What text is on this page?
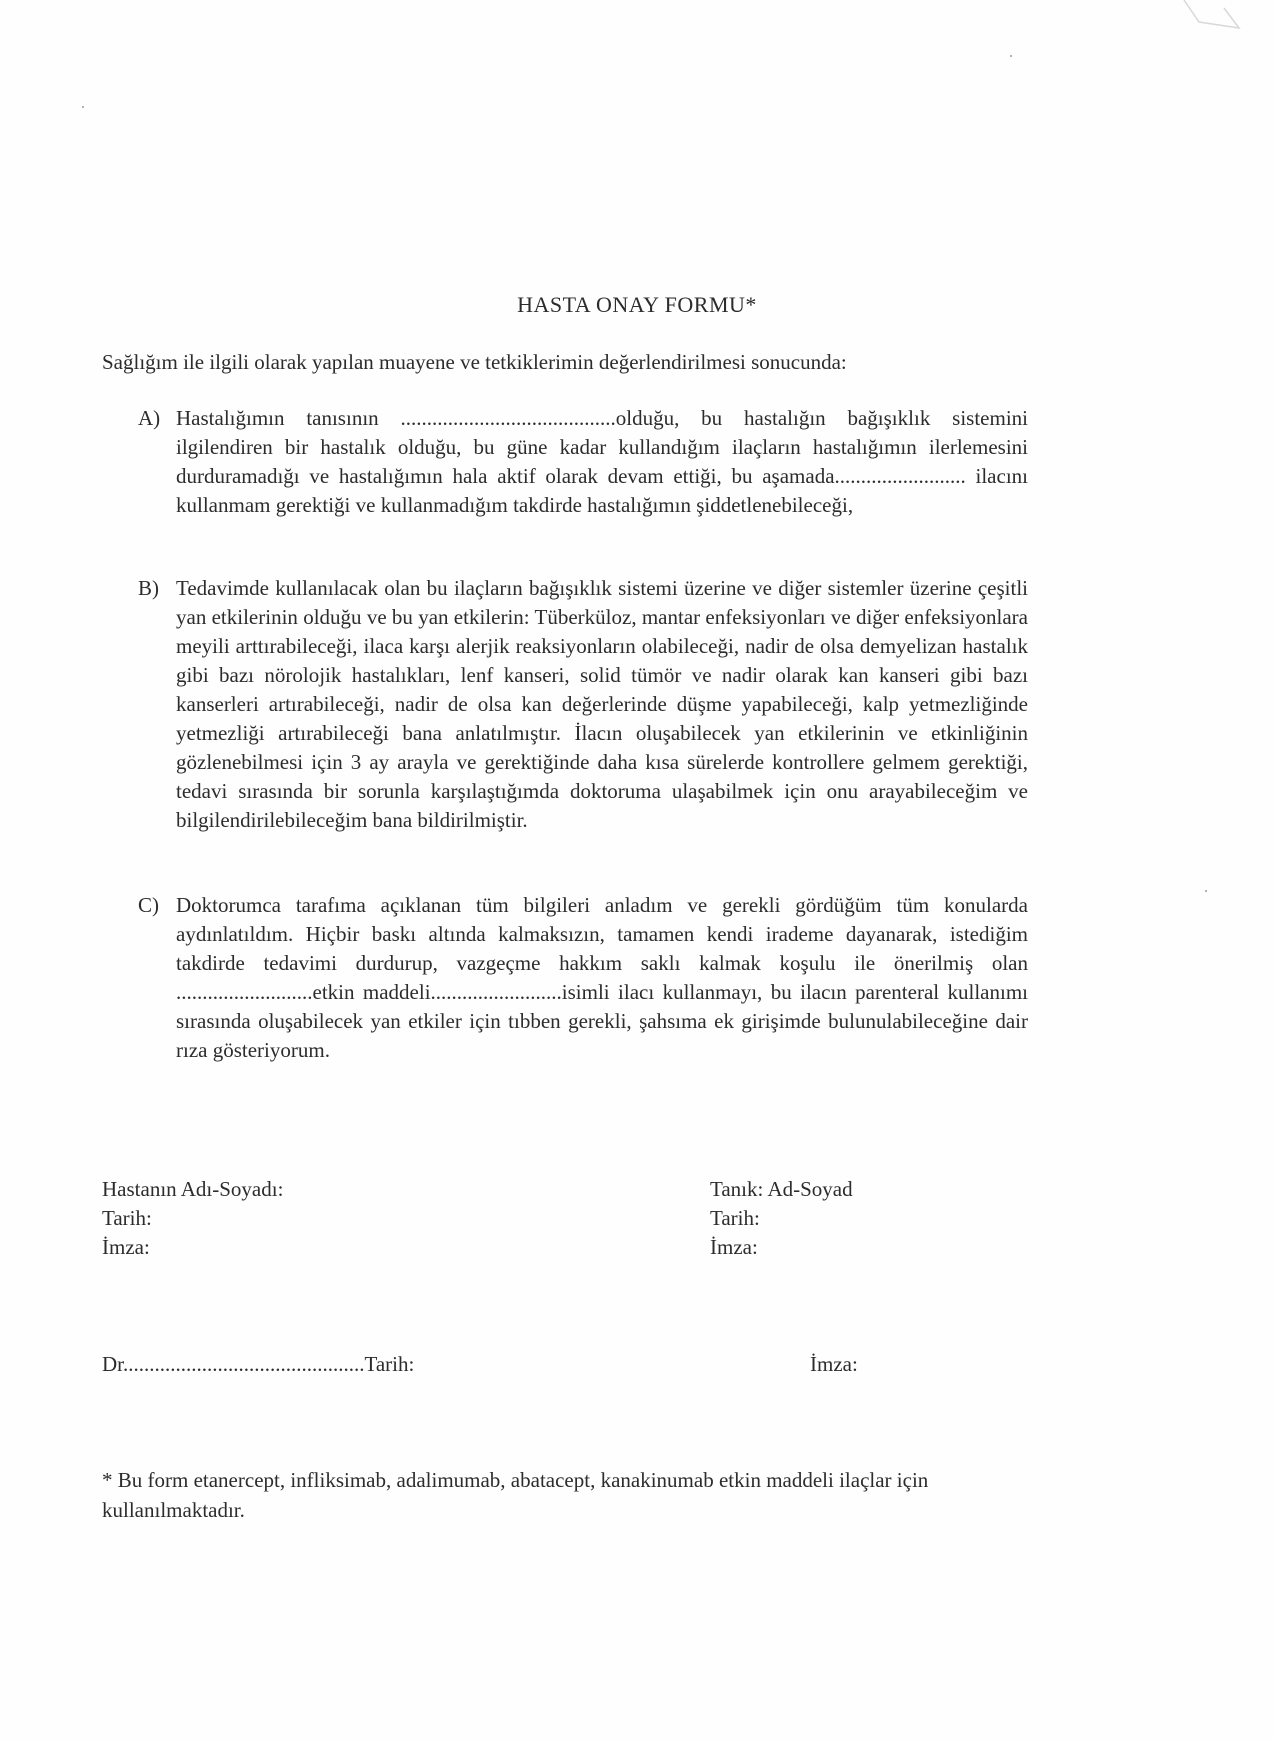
HASTA ONAY FORMU*
Sağlığım ile ilgili olarak yapılan muayene ve tetkiklerimin değerlendirilmesi sonucunda:
A) Hastalığımın tanısının .........................................olduğu, bu hastalığın bağışıklık sistemini ilgilendiren bir hastalık olduğu, bu güne kadar kullandığım ilaçların hastalığımın ilerlemesini durduramadığı ve hastalığımın hala aktif olarak devam ettiği, bu aşamada......................... ilacını kullanmam gerektiği ve kullanmadığım takdirde hastalığımın şiddetlenebileceği,
B) Tedavimde kullanılacak olan bu ilaçların bağışıklık sistemi üzerine ve diğer sistemler üzerine çeşitli yan etkilerinin olduğu ve bu yan etkilerin: Tüberküloz, mantar enfeksiyonları ve diğer enfeksiyonlara meyili arttırabileceği, ilaca karşı alerjik reaksiyonların olabileceği, nadir de olsa demyelizan hastalık gibi bazı nörolojik hastalıkları, lenf kanseri, solid tümör ve nadir olarak kan kanseri gibi bazı kanserleri artırabileceği, nadir de olsa kan değerlerinde düşme yapabileceği, kalp yetmezliğinde yetmezliği artırabileceği bana anlatılmıştır. İlacın oluşabilecek yan etkilerinin ve etkinliğinin gözlenebilmesi için 3 ay arayla ve gerektiğinde daha kısa sürelerde kontrollere gelmem gerektiği, tedavi sırasında bir sorunla karşılaştığımda doktoruma ulaşabilmek için onu arayabileceğim ve bilgilendirilebileceğim bana bildirilmiştir.
C) Doktorumca tarafıma açıklanan tüm bilgileri anladım ve gerekli gördüğüm tüm konularda aydınlatıldım. Hiçbir baskı altında kalmaksızın, tamamen kendi irademe dayanarak, istediğim takdirde tedavimi durdurup, vazgeçme hakkım saklı kalmak koşulu ile önerilmiş olan ..........................etkin maddeli.........................isimli ilacı kullanmayı, bu ilacın parenteral kullanımı sırasında oluşabilecek yan etkiler için tıbben gerekli, şahsıma ek girişimde bulunulabileceğine dair rıza gösteriyorum.
Hastanın Adı-Soyadı:
Tarih:
İmza:
Tanık: Ad-Soyad
Tarih:
İmza:
Dr..............................................Tarih:	İmza:
* Bu form etanercept, infliksimab, adalimumab, abatacept, kanakinumab etkin maddeli ilaçlar için kullanılmaktadır.
